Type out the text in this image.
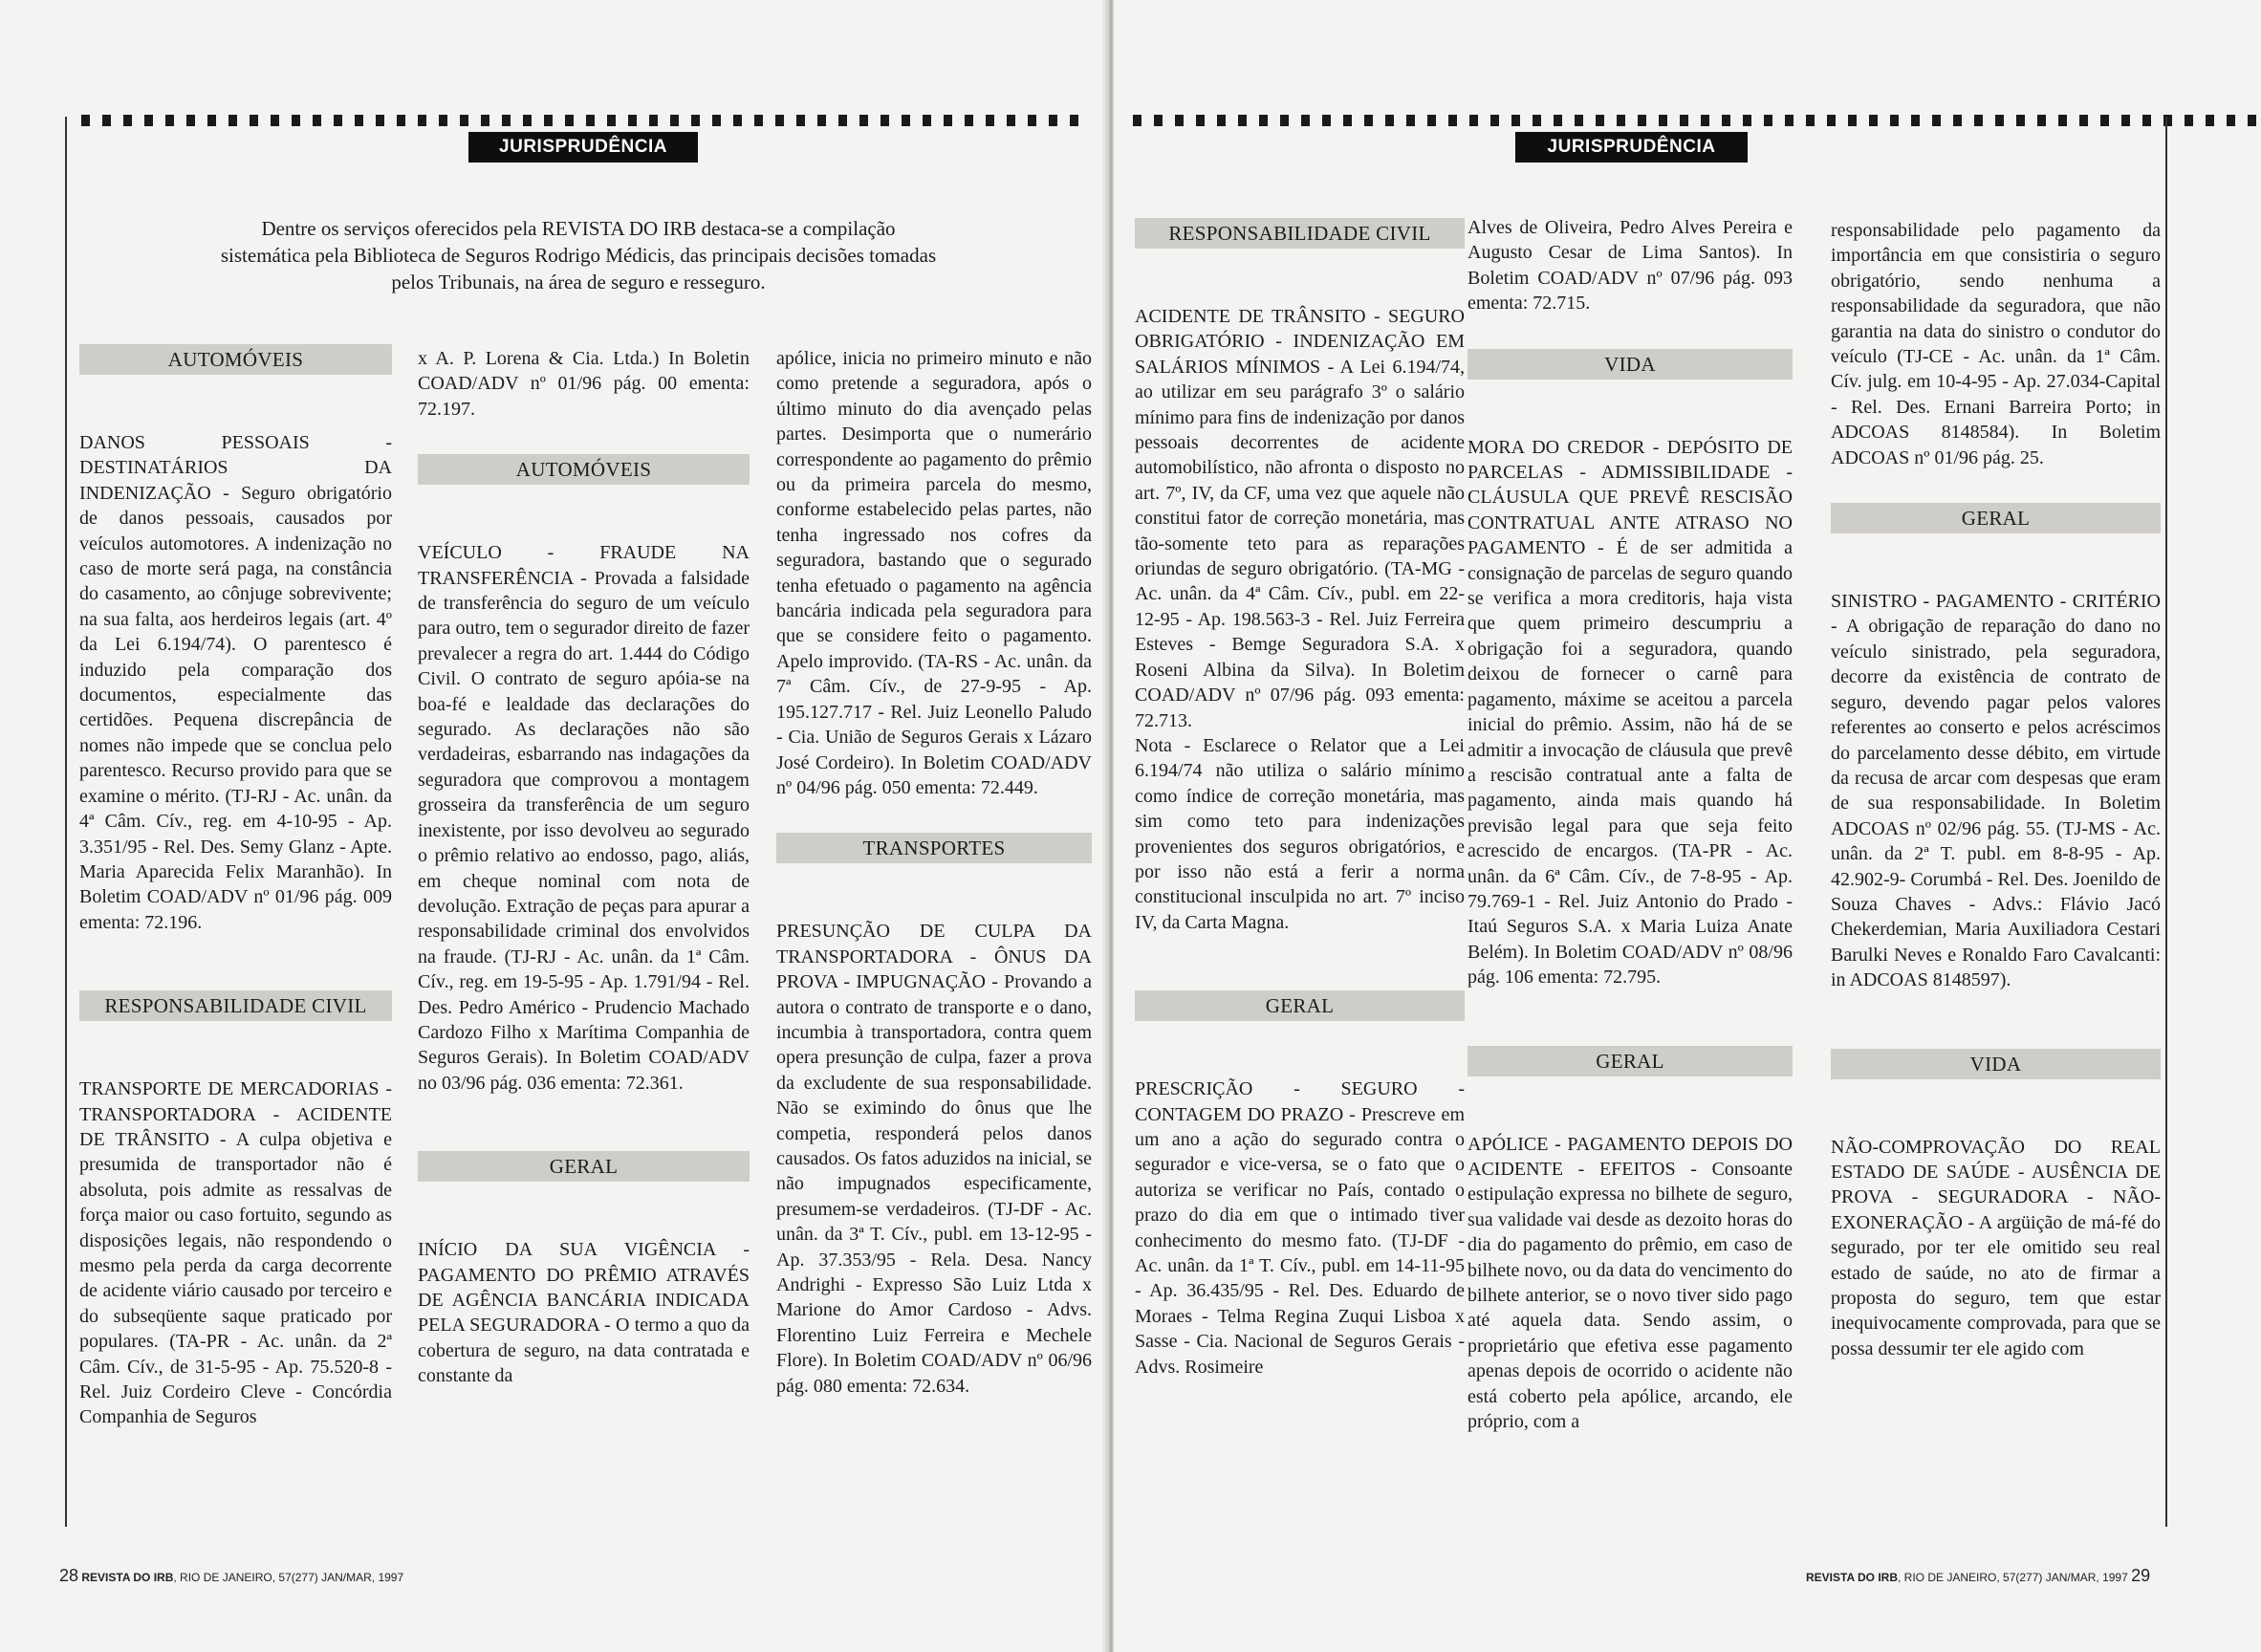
JURISPRUDÊNCIA
Dentre os serviços oferecidos pela REVISTA DO IRB destaca-se a compilação sistemática pela Biblioteca de Seguros Rodrigo Médicis, das principais decisões tomadas pelos Tribunais, na área de seguro e resseguro.

AUTOMÓVEIS

DANOS PESSOAIS - DESTINATÁRIOS DA INDENIZAÇÃO - Seguro obrigatório de danos pessoais, causados por veículos automotores. A indenização no caso de morte será paga, na constância do casamento, ao cônjuge sobrevivente; na sua falta, aos herdeiros legais (art. 4º da Lei 6.194/74). O parentesco é induzido pela comparação dos documentos, especialmente das certidões. Pequena discrepância de nomes não impede que se conclua pelo parentesco. Recurso provido para que se examine o mérito. (TJ-RJ - Ac. unân. da 4ª Câm. Cív., reg. em 4-10-95 - Ap. 3.351/95 - Rel. Des. Semy Glanz - Apte. Maria Aparecida Felix Maranhão). In Boletim COAD/ADV nº 01/96 pág. 009 ementa: 72.196.

RESPONSABILIDADE CIVIL

TRANSPORTE DE MERCADORIAS - TRANSPORTADORA - ACIDENTE DE TRÂNSITO - A culpa objetiva e presumida de transportador não é absoluta, pois admite as ressalvas de força maior ou caso fortuito, segundo as disposições legais, não respondendo o mesmo pela perda da carga decorrente de acidente viário causado por terceiro e do subseqüente saque praticado por populares. (TA-PR - Ac. unân. da 2ª Câm. Cív., de 31-5-95 - Ap. 75.520-8 - Rel. Juiz Cordeiro Cleve - Concórdia Companhia de Seguros

x A. P. Lorena & Cia. Ltda.) In Boletin COAD/ADV nº 01/96 pág. 00 ementa: 72.197.

AUTOMÓVEIS

VEÍCULO - FRAUDE NA TRANSFERÊNCIA - Provada a falsidade de transferência do seguro de um veículo para outro, tem o segurador direito de fazer prevalecer a regra do art. 1.444 do Código Civil. O contrato de seguro apóia-se na boa-fé e lealdade das declarações do segurado. As declarações não são verdadeiras, esbarrando nas indagações da seguradora que comprovou a montagem grosseira da transferência de um seguro inexistente, por isso devolveu ao segurado o prêmio relativo ao endosso, pago, aliás, em cheque nominal com nota de devolução. Extração de peças para apurar a responsabilidade criminal dos envolvidos na fraude. (TJ-RJ - Ac. unân. da 1ª Câm. Cív., reg. em 19-5-95 - Ap. 1.791/94 - Rel. Des. Pedro Américo - Prudencio Machado Cardozo Filho x Marítima Companhia de Seguros Gerais). In Boletim COAD/ADV no 03/96 pág. 036 ementa: 72.361.

GERAL

INÍCIO DA SUA VIGÊNCIA - PAGAMENTO DO PRÊMIO ATRAVÉS DE AGÊNCIA BANCÁRIA INDICADA PELA SEGURADORA - O termo a quo da cobertura de seguro, na data contratada e constante da

apólice, inicia no primeiro minuto e não como pretende a seguradora, após o último minuto do dia avençado pelas partes. Desimporta que o numerário correspondente ao pagamento do prêmio ou da primeira parcela do mesmo, conforme estabelecido pelas partes, não tenha ingressado nos cofres da seguradora, bastando que o segurado tenha efetuado o pagamento na agência bancária indicada pela seguradora para que se considere feito o pagamento. Apelo improvido. (TA-RS - Ac. unân. da 7ª Câm. Cív., de 27-9-95 - Ap. 195.127.717 - Rel. Juiz Leonello Paludo - Cia. União de Seguros Gerais x Lázaro José Cordeiro). In Boletim COAD/ADV nº 04/96 pág. 050 ementa: 72.449.

TRANSPORTES

PRESUNÇÃO DE CULPA DA TRANSPORTADORA - ÔNUS DA PROVA - IMPUGNAÇÃO - Provando a autora o contrato de transporte e o dano, incumbia à transportadora, contra quem opera presunção de culpa, fazer a prova da excludente de sua responsabilidade. Não se eximindo do ônus que lhe competia, responderá pelos danos causados. Os fatos aduzidos na inicial, se não impugnados especificamente, presumem-se verdadeiros. (TJ-DF - Ac. unân. da 3ª T. Cív., publ. em 13-12-95 - Ap. 37.353/95 - Rela. Desa. Nancy Andrighi - Expresso São Luiz Ltda x Marione do Amor Cardoso - Advs. Florentino Luiz Ferreira e Mechele Flore). In Boletim COAD/ADV nº 06/96 pág. 080 ementa: 72.634.

28 REVISTA DO IRB, RIO DE JANEIRO, 57(277) JAN/MAR, 1997
JURISPRUDÊNCIA

RESPONSABILIDADE CIVIL

ACIDENTE DE TRÂNSITO - SEGURO OBRIGATÓRIO - INDENIZAÇÃO EM SALÁRIOS MÍNIMOS - A Lei 6.194/74, ao utilizar em seu parágrafo 3º o salário mínimo para fins de indenização por danos pessoais decorrentes de acidente automobilístico, não afronta o disposto no art. 7º, IV, da CF, uma vez que aquele não constitui fator de correção monetária, mas tão-somente teto para as reparações oriundas de seguro obrigatório. (TA-MG - Ac. unân. da 4ª Câm. Cív., publ. em 22-12-95 - Ap. 198.563-3 - Rel. Juiz Ferreira Esteves - Bemge Seguradora S.A. x Roseni Albina da Silva). In Boletim COAD/ADV nº 07/96 pág. 093 ementa: 72.713.

Nota - Esclarece o Relator que a Lei 6.194/74 não utiliza o salário mínimo como índice de correção monetária, mas sim como teto para indenizações provenientes dos seguros obrigatórios, e por isso não está a ferir a norma constitucional insculpida no art. 7º inciso IV, da Carta Magna.

GERAL

PRESCRIÇÃO - SEGURO - CONTAGEM DO PRAZO - Prescreve em um ano a ação do segurado contra o segurador e vice-versa, se o fato que o autoriza se verificar no País, contado o prazo do dia em que o intimado tiver conhecimento do mesmo fato. (TJ-DF - Ac. unân. da 1ª T. Cív., publ. em 14-11-95 - Ap. 36.435/95 - Rel. Des. Eduardo de Moraes - Telma Regina Zuqui Lisboa x Sasse - Cia. Nacional de Seguros Gerais - Advs. Rosimeire

Alves de Oliveira, Pedro Alves Pereira e Augusto Cesar de Lima Santos). In Boletim COAD/ADV nº 07/96 pág. 093 ementa: 72.715.

VIDA

MORA DO CREDOR - DEPÓSITO DE PARCELAS - ADMISSIBILIDADE - CLÁUSULA QUE PREVÊ RESCISÃO CONTRATUAL ANTE ATRASO NO PAGAMENTO - É de ser admitida a consignação de parcelas de seguro quando se verifica a mora creditoris, haja vista que quem primeiro descumpriu a obrigação foi a seguradora, quando deixou de fornecer o carnê para pagamento, máxime se aceitou a parcela inicial do prêmio. Assim, não há de se admitir a invocação de cláusula que prevê a rescisão contratual ante a falta de pagamento, ainda mais quando há previsão legal para que seja feito acrescido de encargos. (TA-PR - Ac. unân. da 6ª Câm. Cív., de 7-8-95 - Ap. 79.769-1 - Rel. Juiz Antonio do Prado - Itaú Seguros S.A. x Maria Luiza Anate Belém). In Boletim COAD/ADV nº 08/96 pág. 106 ementa: 72.795.

GERAL

APÓLICE - PAGAMENTO DEPOIS DO ACIDENTE - EFEITOS - Consoante estipulação expressa no bilhete de seguro, sua validade vai desde as dezoito horas do dia do pagamento do prêmio, em caso de bilhete novo, ou da data do vencimento do bilhete anterior, se o novo tiver sido pago até aquela data. Sendo assim, o proprietário que efetiva esse pagamento apenas depois de ocorrido o acidente não está coberto pela apólice, arcando, ele próprio, com a

responsabilidade pelo pagamento da importância em que consistiria o seguro obrigatório, sendo nenhuma a responsabilidade da seguradora, que não garantia na data do sinistro o condutor do veículo (TJ-CE - Ac. unân. da 1ª Câm. Cív. julg. em 10-4-95 - Ap. 27.034-Capital - Rel. Des. Ernani Barreira Porto; in ADCOAS 8148584). In Boletim ADCOAS nº 01/96 pág. 25.

GERAL

SINISTRO - PAGAMENTO - CRITÉRIO - A obrigação de reparação do dano no veículo sinistrado, pela seguradora, decorre da existência de contrato de seguro, devendo pagar pelos valores referentes ao conserto e pelos acréscimos do parcelamento desse débito, em virtude da recusa de arcar com despesas que eram de sua responsabilidade. In Boletim ADCOAS nº 02/96 pág. 55. (TJ-MS - Ac. unân. da 2ª T. publ. em 8-8-95 - Ap. 42.902-9- Corumbá - Rel. Des. Joenildo de Souza Chaves - Advs.: Flávio Jacó Chekerdemian, Maria Auxiliadora Cestari Barulki Neves e Ronaldo Faro Cavalcanti: in ADCOAS 8148597).

VIDA

NÃO-COMPROVAÇÃO DO REAL ESTADO DE SAÚDE - AUSÊNCIA DE PROVA - SEGURADORA - NÃO-EXONERAÇÃO - A argüição de má-fé do segurado, por ter ele omitido seu real estado de saúde, no ato de firmar a proposta do seguro, tem que estar inequivocamente comprovada, para que se possa dessumir ter ele agido com

REVISTA DO IRB, RIO DE JANEIRO, 57(277) JAN/MAR, 1997 29
